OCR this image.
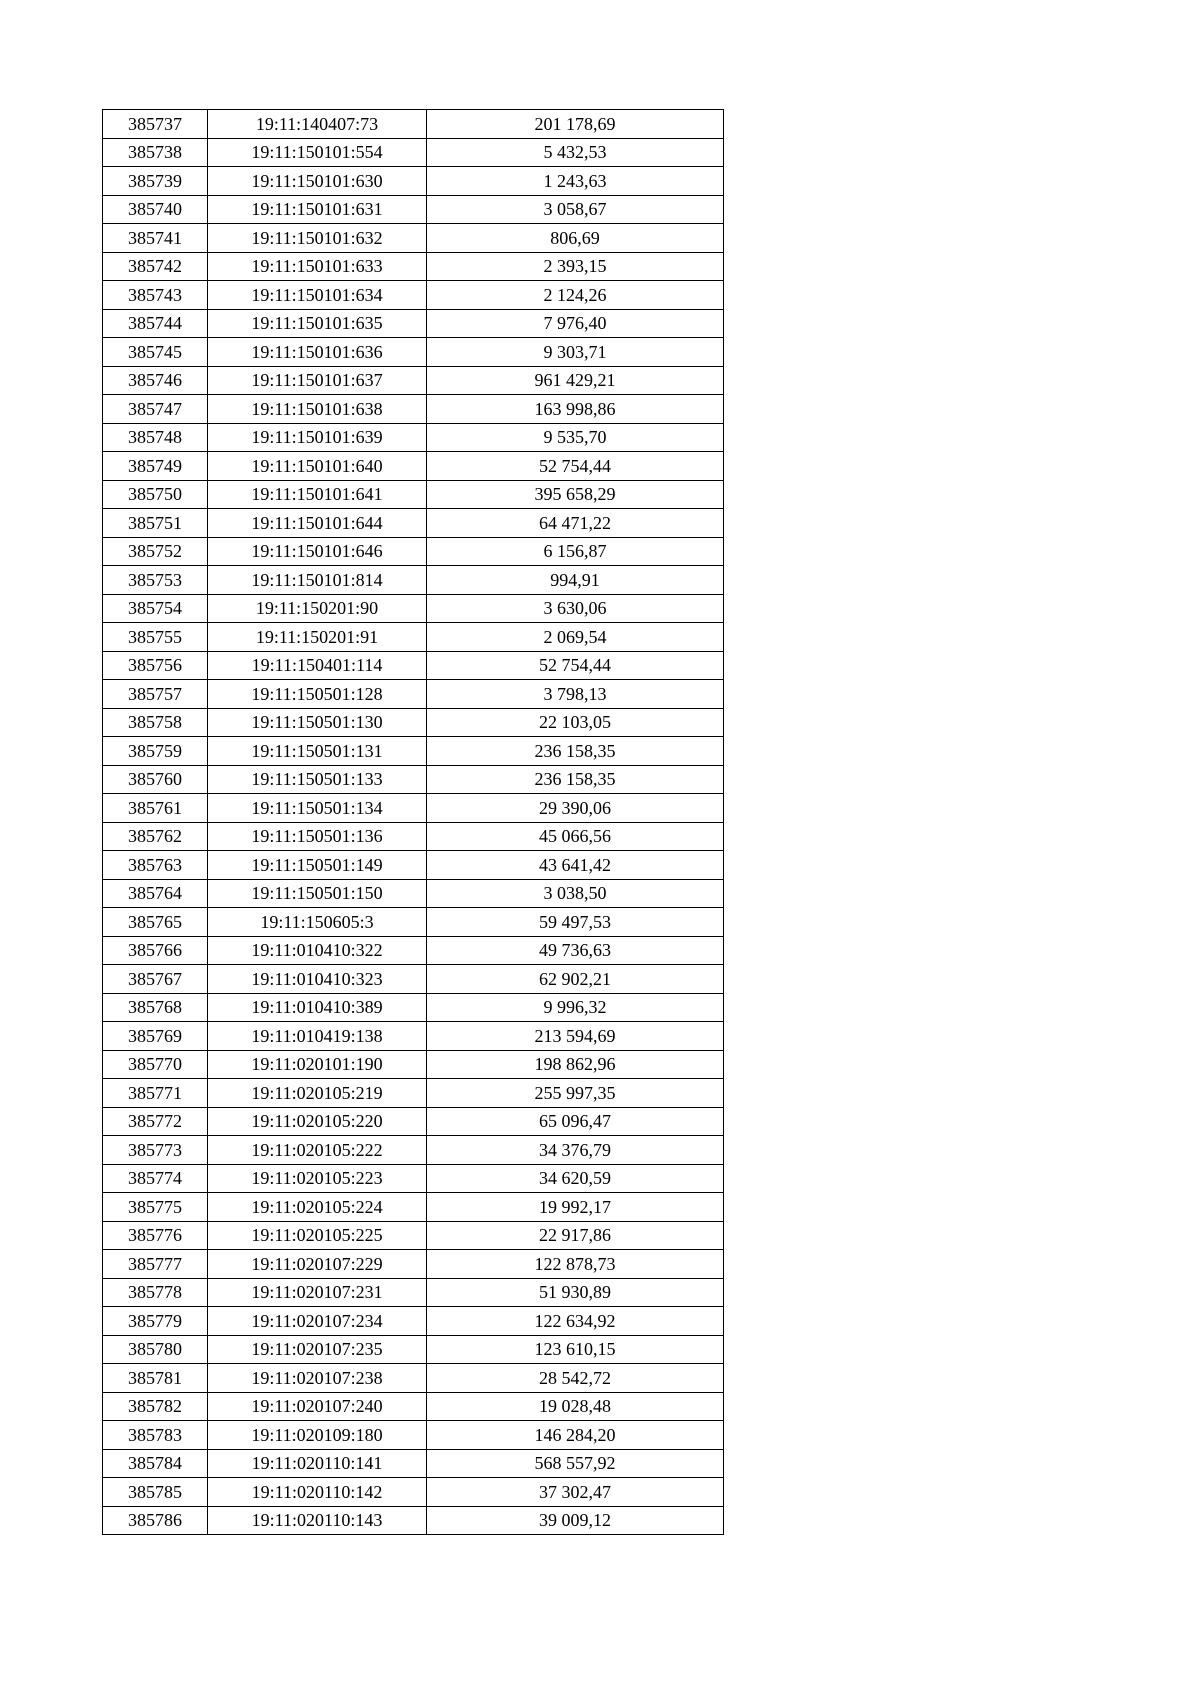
385737	19:11:140407:73	201 178,69
385738	19:11:150101:554	5 432,53
385739	19:11:150101:630	1 243,63
385740	19:11:150101:631	3 058,67
385741	19:11:150101:632	806,69
385742	19:11:150101:633	2 393,15
385743	19:11:150101:634	2 124,26
385744	19:11:150101:635	7 976,40
385745	19:11:150101:636	9 303,71
385746	19:11:150101:637	961 429,21
385747	19:11:150101:638	163 998,86
385748	19:11:150101:639	9 535,70
385749	19:11:150101:640	52 754,44
385750	19:11:150101:641	395 658,29
385751	19:11:150101:644	64 471,22
385752	19:11:150101:646	6 156,87
385753	19:11:150101:814	994,91
385754	19:11:150201:90	3 630,06
385755	19:11:150201:91	2 069,54
385756	19:11:150401:114	52 754,44
385757	19:11:150501:128	3 798,13
385758	19:11:150501:130	22 103,05
385759	19:11:150501:131	236 158,35
385760	19:11:150501:133	236 158,35
385761	19:11:150501:134	29 390,06
385762	19:11:150501:136	45 066,56
385763	19:11:150501:149	43 641,42
385764	19:11:150501:150	3 038,50
385765	19:11:150605:3	59 497,53
385766	19:11:010410:322	49 736,63
385767	19:11:010410:323	62 902,21
385768	19:11:010410:389	9 996,32
385769	19:11:010419:138	213 594,69
385770	19:11:020101:190	198 862,96
385771	19:11:020105:219	255 997,35
385772	19:11:020105:220	65 096,47
385773	19:11:020105:222	34 376,79
385774	19:11:020105:223	34 620,59
385775	19:11:020105:224	19 992,17
385776	19:11:020105:225	22 917,86
385777	19:11:020107:229	122 878,73
385778	19:11:020107:231	51 930,89
385779	19:11:020107:234	122 634,92
385780	19:11:020107:235	123 610,15
385781	19:11:020107:238	28 542,72
385782	19:11:020107:240	19 028,48
385783	19:11:020109:180	146 284,20
385784	19:11:020110:141	568 557,92
385785	19:11:020110:142	37 302,47
385786	19:11:020110:143	39 009,12
